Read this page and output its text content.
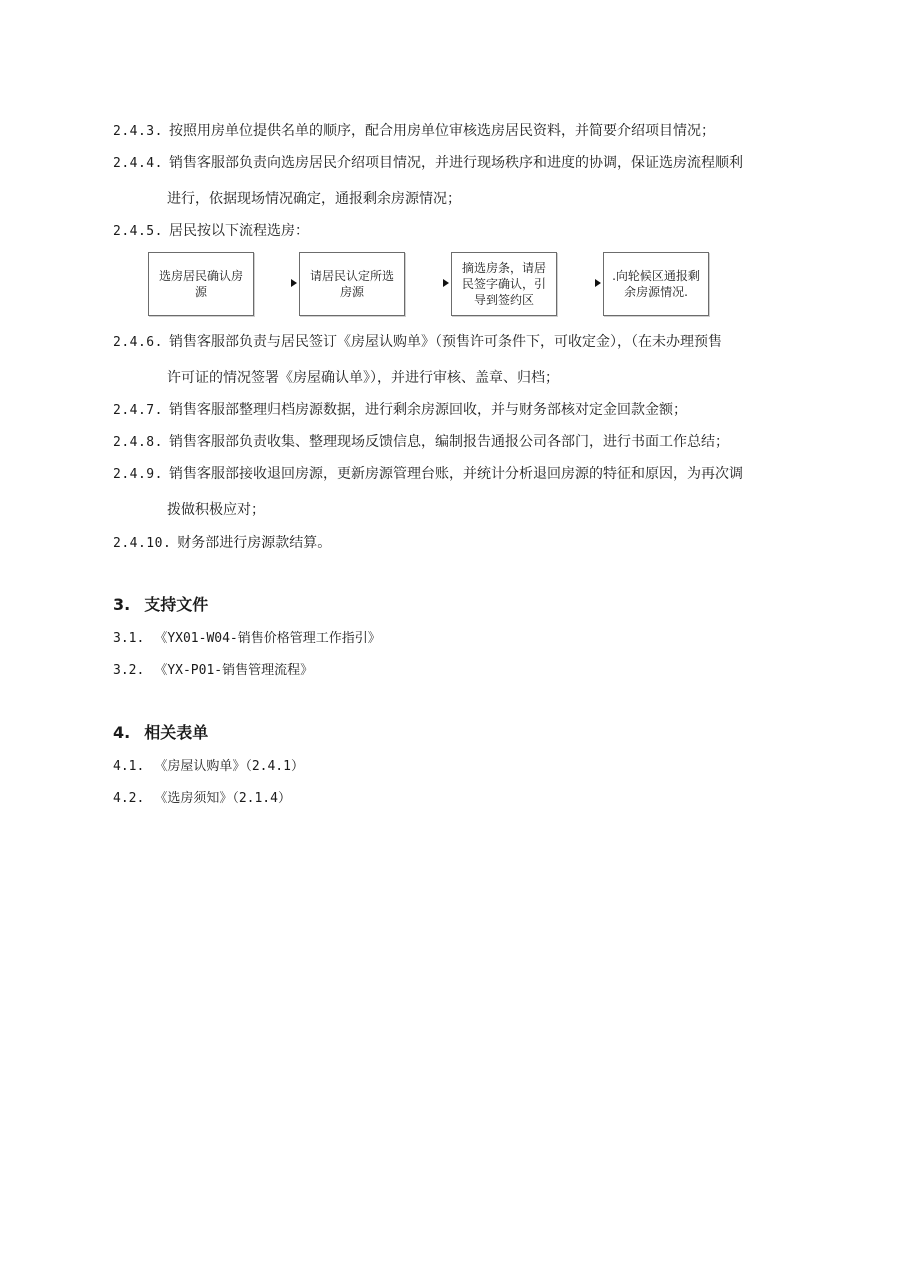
2.4.3. 按照用房单位提供名单的顺序，配合用房单位审核选房居民资料，并简要介绍项目情况；
2.4.4. 销售客服部负责向选房居民介绍项目情况，并进行现场秩序和进度的协调，保证选房流程顺利
进行，依据现场情况确定，通报剩余房源情况；
2.4.5. 居民按以下流程选房：
选房居民确认房源
请居民认定所选房源
摘选房条，请居民签字确认，引导到签约区
.向轮候区通报剩余房源情况.
2.4.6. 销售客服部负责与居民签订《房屋认购单》（预售许可条件下，可收定金），（在未办理预售
许可证的情况签署《房屋确认单》），并进行审核、盖章、归档；
2.4.7. 销售客服部整理归档房源数据，进行剩余房源回收，并与财务部核对定金回款金额；
2.4.8. 销售客服部负责收集、整理现场反馈信息，编制报告通报公司各部门，进行书面工作总结；
2.4.9. 销售客服部接收退回房源，更新房源管理台账，并统计分析退回房源的特征和原因，为再次调
拨做积极应对；
2.4.10. 财务部进行房源款结算。
3. 支持文件
3.1. 《YX01-W04-销售价格管理工作指引》
3.2. 《YX-P01-销售管理流程》
4. 相关表单
4.1. 《房屋认购单》（2.4.1）
4.2. 《选房须知》（2.1.4）
